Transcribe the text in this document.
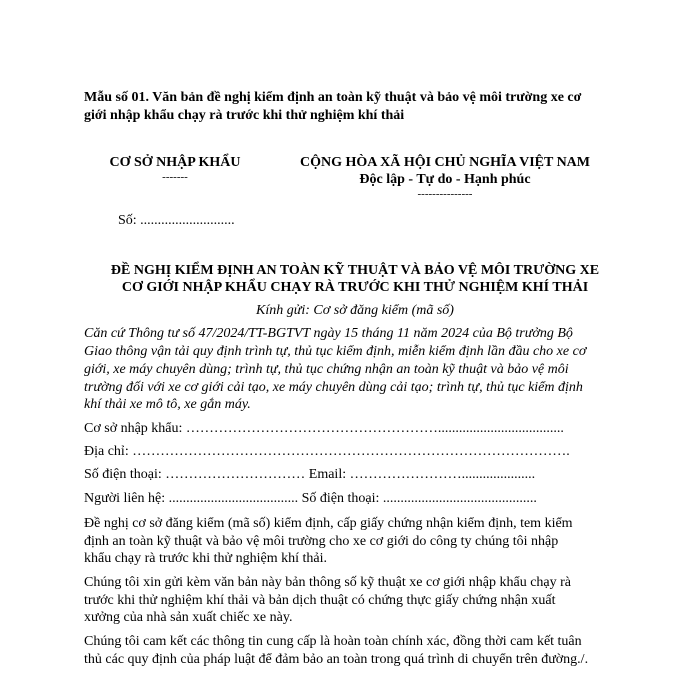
Mẫu số 01. Văn bản đề nghị kiểm định an toàn kỹ thuật và bảo vệ môi trường xe cơ
giới nhập khẩu chạy rà trước khi thử nghiệm khí thải
CƠ SỞ NHẬP KHẨU
-------
CỘNG HÒA XÃ HỘI CHỦ NGHĨA VIỆT NAM
Độc lập - Tự do - Hạnh phúc
---------------
Số: ...........................
ĐỀ NGHỊ KIỂM ĐỊNH AN TOÀN KỸ THUẬT VÀ BẢO VỆ MÔI TRƯỜNG XE
CƠ GIỚI NHẬP KHẨU CHẠY RÀ TRƯỚC KHI THỬ NGHIỆM KHÍ THẢI
Kính gửi: Cơ sở đăng kiểm (mã số)
Căn cứ Thông tư số 47/2024/TT-BGTVT ngày 15 tháng 11 năm 2024 của Bộ trưởng Bộ
Giao thông vận tải quy định trình tự, thủ tục kiểm định, miễn kiểm định lần đầu cho xe cơ
giới, xe máy chuyên dùng; trình tự, thủ tục chứng nhận an toàn kỹ thuật và bảo vệ môi
trường đối với xe cơ giới cải tạo, xe máy chuyên dùng cải tạo; trình tự, thủ tục kiểm định
khí thải xe mô tô, xe gắn máy.
Cơ sở nhập khẩu: ………………………………………………....................................
Địa chỉ: ………………………………………………………………………………….
Số điện thoại: ………………………… Email: …………………….....................
Người liên hệ: ..................................... Số điện thoại: ............................................
Đề nghị cơ sở đăng kiểm (mã số) kiểm định, cấp giấy chứng nhận kiểm định, tem kiểm
định an toàn kỹ thuật và bảo vệ môi trường cho xe cơ giới do công ty chúng tôi nhập
khẩu chạy rà trước khi thử nghiệm khí thải.
Chúng tôi xin gửi kèm văn bản này bản thông số kỹ thuật xe cơ giới nhập khẩu chạy rà
trước khi thử nghiệm khí thải và bản dịch thuật có chứng thực giấy chứng nhận xuất
xưởng của nhà sản xuất chiếc xe này.
Chúng tôi cam kết các thông tin cung cấp là hoàn toàn chính xác, đồng thời cam kết tuân
thủ các quy định của pháp luật để đảm bảo an toàn trong quá trình di chuyển trên đường./.
